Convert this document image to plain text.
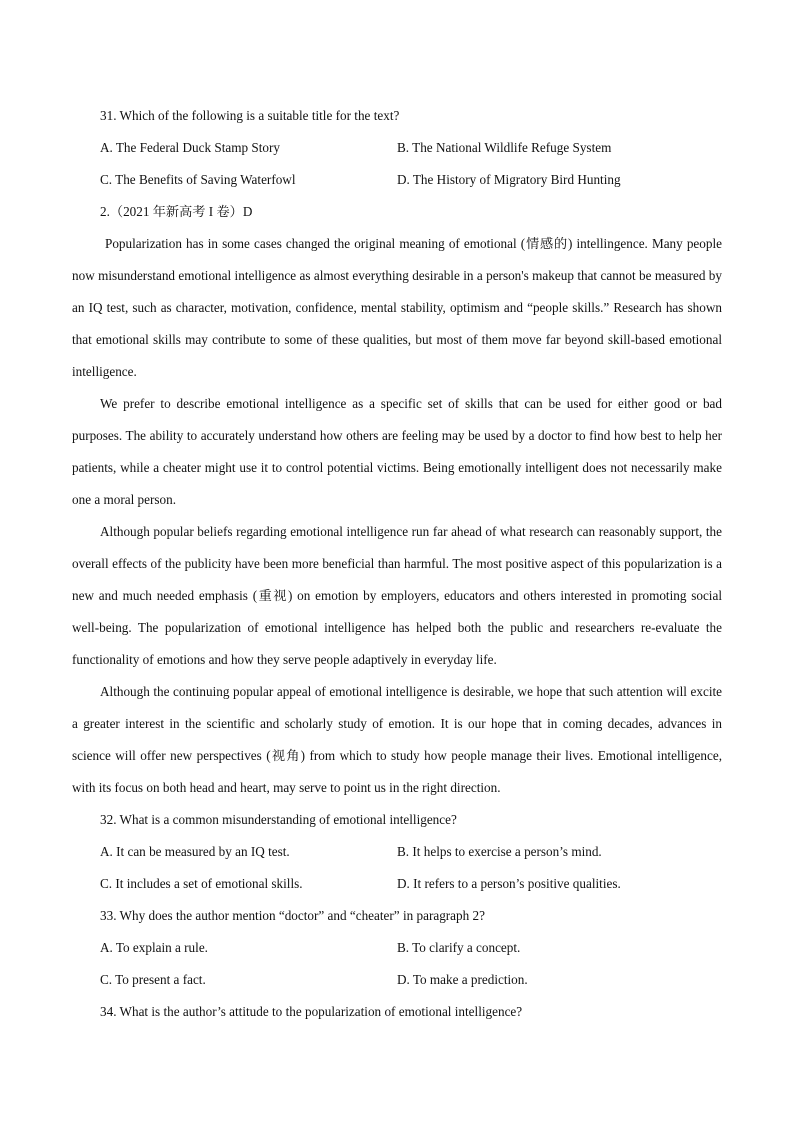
31. Which of the following is a suitable title for the text?
A. The Federal Duck Stamp Story	B. The National Wildlife Refuge System
C. The Benefits of Saving Waterfowl	D. The History of Migratory Bird Hunting
2.（2021 年新高考 I 卷）D
Popularization has in some cases changed the original meaning of emotional (情感的) intellingence. Many people now misunderstand emotional intelligence as almost everything desirable in a person's makeup that cannot be measured by an IQ test, such as character, motivation, confidence, mental stability, optimism and “people skills.” Research has shown that emotional skills may contribute to some of these qualities, but most of them move far beyond skill-based emotional intelligence.
We prefer to describe emotional intelligence as a specific set of skills that can be used for either good or bad purposes. The ability to accurately understand how others are feeling may be used by a doctor to find how best to help her patients, while a cheater might use it to control potential victims. Being emotionally intelligent does not necessarily make one a moral person.
Although popular beliefs regarding emotional intelligence run far ahead of what research can reasonably support, the overall effects of the publicity have been more beneficial than harmful. The most positive aspect of this popularization is a new and much needed emphasis (重视) on emotion by employers, educators and others interested in promoting social well-being. The popularization of emotional intelligence has helped both the public and researchers re-evaluate the functionality of emotions and how they serve people adaptively in everyday life.
Although the continuing popular appeal of emotional intelligence is desirable, we hope that such attention will excite a greater interest in the scientific and scholarly study of emotion. It is our hope that in coming decades, advances in science will offer new perspectives (视角) from which to study how people manage their lives. Emotional intelligence, with its focus on both head and heart, may serve to point us in the right direction.
32. What is a common misunderstanding of emotional intelligence?
A. It can be measured by an IQ test.	B. It helps to exercise a person’s mind.
C. It includes a set of emotional skills.	D. It refers to a person’s positive qualities.
33. Why does the author mention “doctor” and “cheater” in paragraph 2?
A. To explain a rule.	B. To clarify a concept.
C. To present a fact.	D. To make a prediction.
34. What is the author’s attitude to the popularization of emotional intelligence?
